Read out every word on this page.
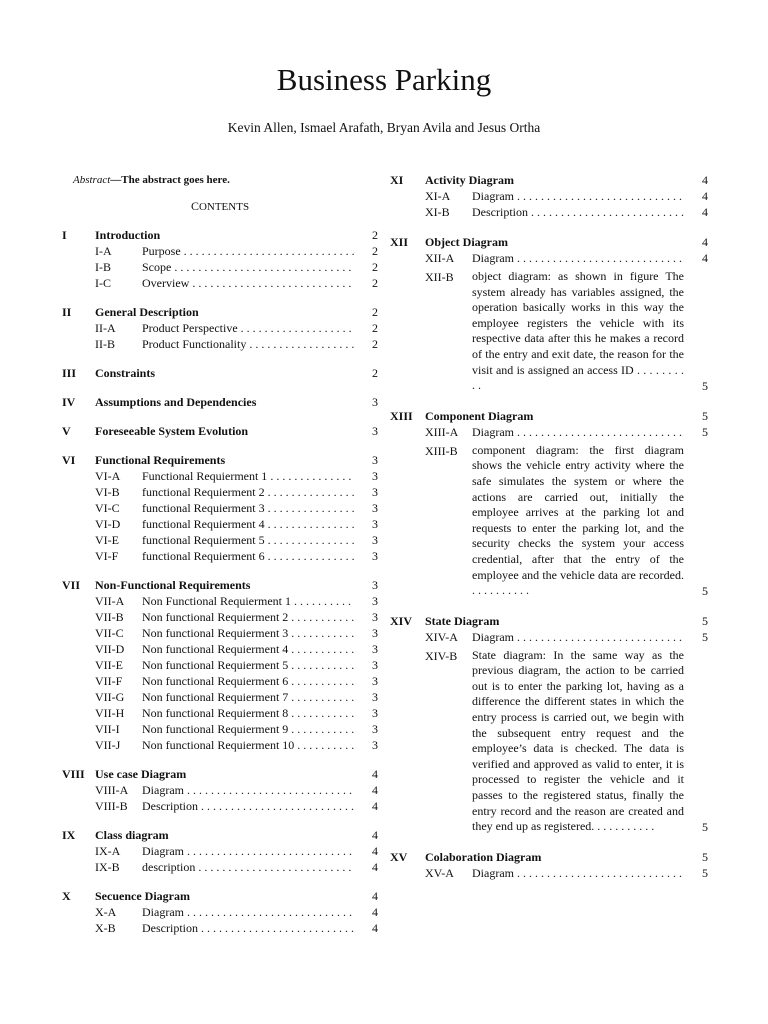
Business Parking
Kevin Allen, Ismael Arafath, Bryan Avila and Jesus Ortha
Abstract—The abstract goes here.
CONTENTS
I	Introduction	2
I-A	Purpose . . .	2
I-B	Scope . . .	2
I-C	Overview . . .	2
II	General Description	2
II-A	Product Perspective . . .	2
II-B	Product Functionality . . .	2
III	Constraints	2
IV	Assumptions and Dependencies	3
V	Foreseeable System Evolution	3
VI	Functional Requirements	3
VI-A	Functional Requierment 1 . . .	3
VI-B	functional Requierment 2 . . .	3
VI-C	functional Requierment 3 . . .	3
VI-D	functional Requierment 4 . . .	3
VI-E	functional Requierment 5 . . .	3
VI-F	functional Requierment 6 . . .	3
VII	Non-Functional Requirements	3
VII-A	Non Functional Requierment 1 . . .	3
VII-B	Non functional Requierment 2 . . .	3
VII-C	Non functional Requierment 3 . . .	3
VII-D	Non functional Requierment 4 . . .	3
VII-E	Non functional Requierment 5 . . .	3
VII-F	Non functional Requierment 6 . . .	3
VII-G	Non functional Requierment 7 . . .	3
VII-H	Non functional Requierment 8 . . .	3
VII-I	Non functional Requierment 9 . . .	3
VII-J	Non functional Requierment 10 . . .	3
VIII Use case Diagram	4
VIII-A	Diagram . . .	4
VIII-B	Description . . .	4
IX	Class diagram	4
IX-A	Diagram . . .	4
IX-B	description . . .	4
X	Secuence Diagram	4
X-A	Diagram . . .	4
X-B	Description . . .	4
XI	Activity Diagram	4
XI-A	Diagram . . .	4
XI-B	Description . . .	4
XII	Object Diagram	4
XII-A	Diagram . . .	4
XII-B	object diagram: as shown in figure The system already has variables assigned, the operation basically works in this way the employee registers the vehicle with its respective data after this he makes a record of the entry and exit date, the reason for the visit and is assigned an access ID . . . . . . . . . .	5
XIII	Component Diagram	5
XIII-A	Diagram . . .	5
XIII-B	component diagram: the first diagram shows the vehicle entry activity where the safe simulates the system or where the actions are carried out, initially the employee arrives at the parking lot and requests to enter the parking lot, and the security checks the system your access credential, after that the entry of the employee and the vehicle data are recorded. . . . . . . . . . .	5
XIV	State Diagram	5
XIV-A	Diagram . . .	5
XIV-B	State diagram: In the same way as the previous diagram, the action to be carried out is to enter the parking lot, having as a difference the different states in which the entry process is carried out, we begin with the subsequent entry request and the employee’s data is checked. The data is verified and approved as valid to enter, it is processed to register the vehicle and it passes to the registered status, finally the entry record and the reason are created and they end up as registered. . . . . . . . . . .	5
XV	Colaboration Diagram	5
XV-A	Diagram . . .	5
